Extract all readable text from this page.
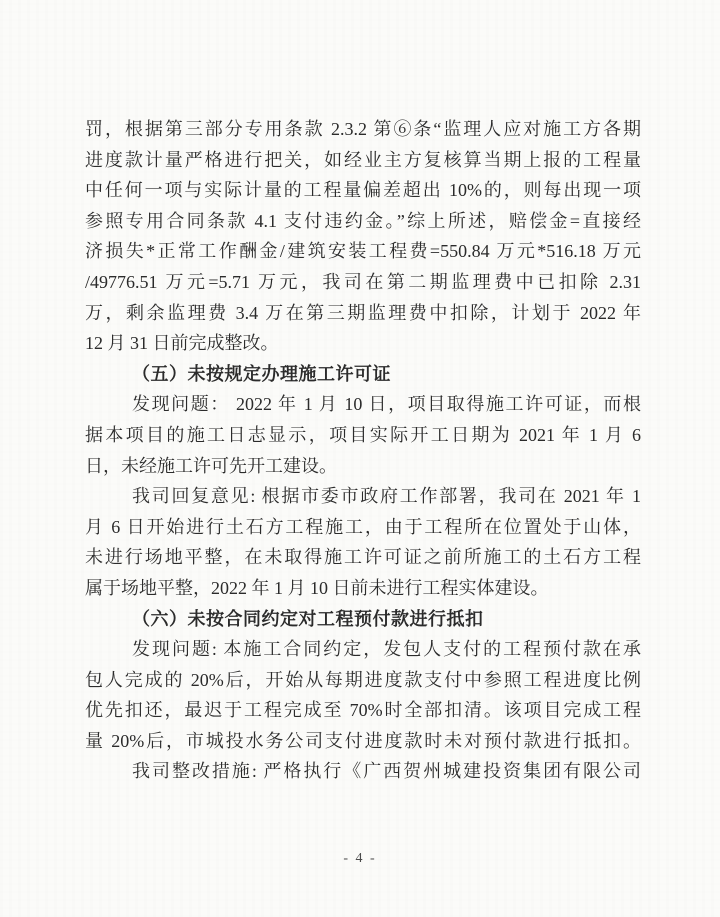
罚，根据第三部分专用条款 2.3.2 第⑥条“监理人应对施工方各期
进度款计量严格进行把关，如经业主方复核算当期上报的工程量
中任何一项与实际计量的工程量偏差超出 10%的，则每出现一项
参照专用合同条款 4.1 支付违约金。”综上所述，赔偿金=直接经
济损失*正常工作酬金/建筑安装工程费=550.84 万元*516.18 万元
/49776.51 万元=5.71 万元，我司在第二期监理费中已扣除 2.31
万，剩余监理费 3.4 万在第三期监理费中扣除，计划于 2022 年
12 月 31 日前完成整改。
（五）未按规定办理施工许可证
发现问题： 2022 年 1 月 10 日，项目取得施工许可证，而根
据本项目的施工日志显示，项目实际开工日期为 2021 年 1 月 6
日，未经施工许可先开工建设。
我司回复意见: 根据市委市政府工作部署，我司在 2021 年 1
月 6 日开始进行土石方工程施工，由于工程所在位置处于山体，
未进行场地平整，在未取得施工许可证之前所施工的土石方工程
属于场地平整，2022 年 1 月 10 日前未进行工程实体建设。
（六）未按合同约定对工程预付款进行抵扣
发现问题: 本施工合同约定，发包人支付的工程预付款在承
包人完成的 20%后，开始从每期进度款支付中参照工程进度比例
优先扣还，最迟于工程完成至 70%时全部扣清。该项目完成工程
量 20%后，市城投水务公司支付进度款时未对预付款进行抵扣。
我司整改措施: 严格执行《广西贺州城建投资集团有限公司
- 4 -
